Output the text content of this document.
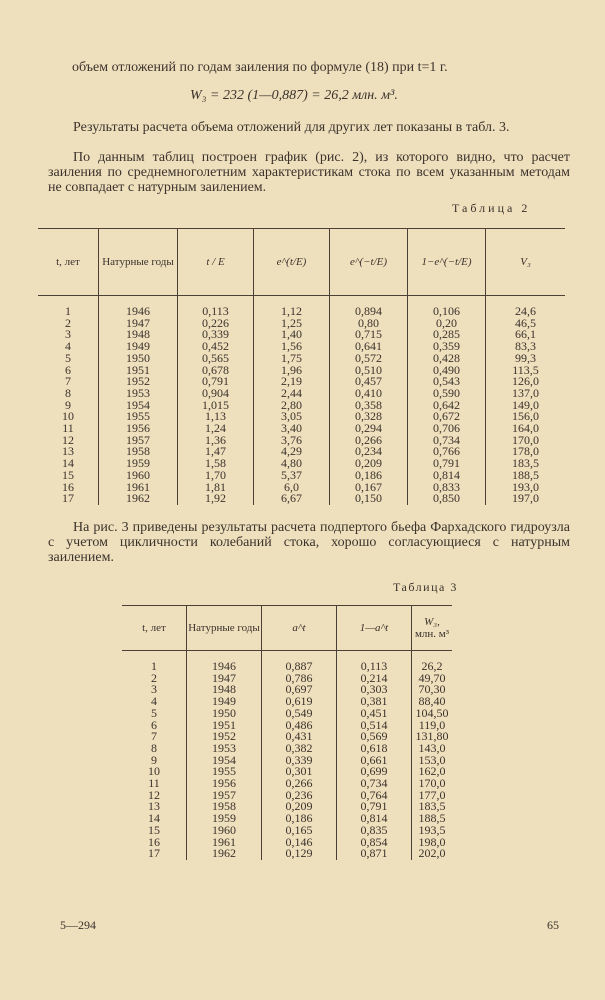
объем отложений по годам заиления по формуле (18) при t=1 г.
W₃ = 232 (1—0,887) = 26,2 млн. м³.
Результаты расчета объема отложений для других лет показаны в табл. 3.
По данным таблиц построен график (рис. 2), из которого видно, что расчет заиления по среднемноголетним характеристикам стока по всем указанным методам не совпадает с натурным заилением.
Таблица 2
t, лет	Натурные годы	t / E	e^(t/E)	e^(−t/E)	1−e^(−t/E)	V₃
1	1946	0,113	1,12	0,894	0,106	24,6
2	1947	0,226	1,25	0,80	0,20	46,5
3	1948	0,339	1,40	0,715	0,285	66,1
4	1949	0,452	1,56	0,641	0,359	83,3
5	1950	0,565	1,75	0,572	0,428	99,3
6	1951	0,678	1,96	0,510	0,490	113,5
7	1952	0,791	2,19	0,457	0,543	126,0
8	1953	0,904	2,44	0,410	0,590	137,0
9	1954	1,015	2,80	0,358	0,642	149,0
10	1955	1,13	3,05	0,328	0,672	156,0
11	1956	1,24	3,40	0,294	0,706	164,0
12	1957	1,36	3,76	0,266	0,734	170,0
13	1958	1,47	4,29	0,234	0,766	178,0
14	1959	1,58	4,80	0,209	0,791	183,5
15	1960	1,70	5,37	0,186	0,814	188,5
16	1961	1,81	6,0	0,167	0,833	193,0
17	1962	1,92	6,67	0,150	0,850	197,0
На рис. 3 приведены результаты расчета подпертого бьефа Фархадского гидроузла с учетом цикличности колебаний стока, хорошо согласующиеся с натурным заилением.
Таблица 3
t, лет	Натурные годы	a^t	1—a^t	W₃,
млн. м³
1	1946	0,887	0,113	26,2
2	1947	0,786	0,214	49,70
3	1948	0,697	0,303	70,30
4	1949	0,619	0,381	88,40
5	1950	0,549	0,451	104,50
6	1951	0,486	0,514	119,0
7	1952	0,431	0,569	131,80
8	1953	0,382	0,618	143,0
9	1954	0,339	0,661	153,0
10	1955	0,301	0,699	162,0
11	1956	0,266	0,734	170,0
12	1957	0,236	0,764	177,0
13	1958	0,209	0,791	183,5
14	1959	0,186	0,814	188,5
15	1960	0,165	0,835	193,5
16	1961	0,146	0,854	198,0
17	1962	0,129	0,871	202,0
5—294	65
